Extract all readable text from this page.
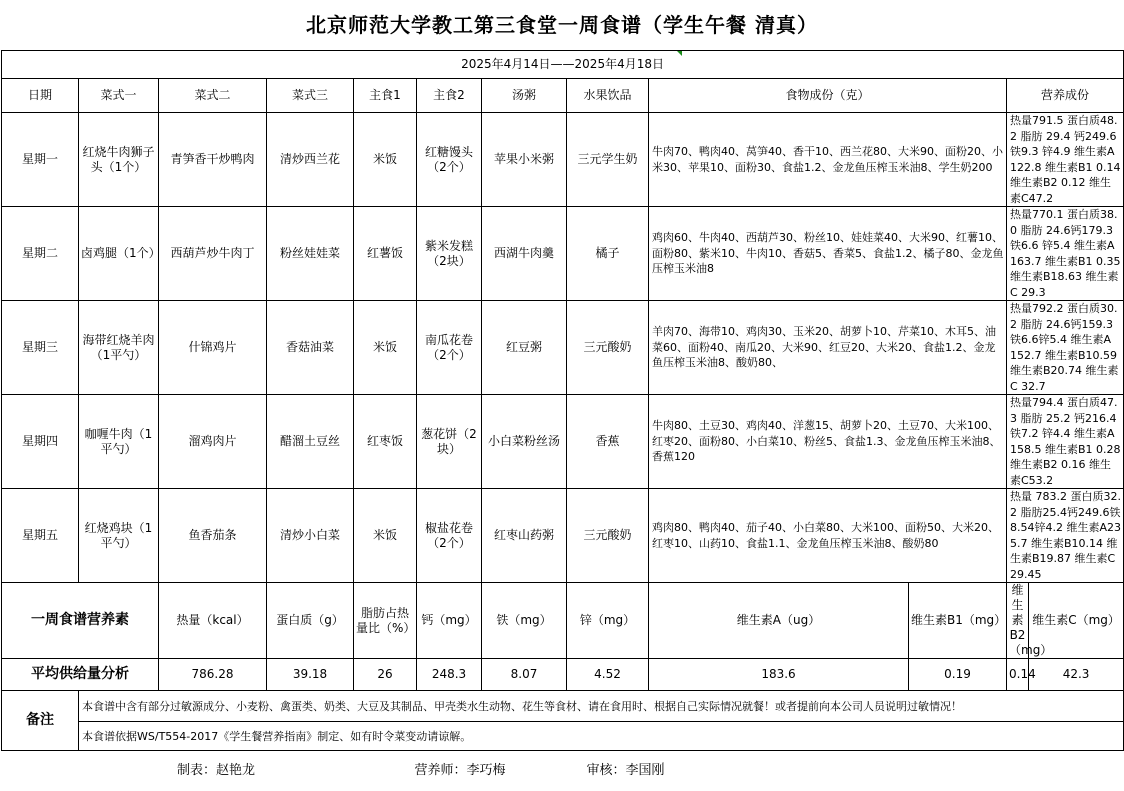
北京师范大学教工第三食堂一周食谱（学生午餐 清真）
2025年4月14日——2025年4月18日											
日期	菜式一	菜式二	菜式三	主食1	主食2	汤粥	水果饮品	食物成份（克）		营养成份	
星期一	红烧牛肉狮子头（1个）	青笋香干炒鸭肉	清炒西兰花	米饭	红糖馒头（2个）	苹果小米粥	三元学生奶	牛肉70、鸭肉40、莴笋40、香干10、西兰花80、大米90、面粉20、小米30、苹果10、面粉30、食盐1.2、金龙鱼压榨玉米油8、学生奶200		热量791.5 蛋白质48.2 脂肪 29.4 钙249.6 铁9.3 锌4.9 维生素A 122.8 维生素B1 0.14 维生素B2 0.12 维生素C47.2	
星期二	卤鸡腿（1个）	西葫芦炒牛肉丁	粉丝娃娃菜	红薯饭	紫米发糕（2块）	西湖牛肉羹	橘子	鸡肉60、牛肉40、西葫芦30、粉丝10、娃娃菜40、大米90、红薯10、面粉80、紫米10、牛肉10、香菇5、香菜5、食盐1.2、橘子80、金龙鱼压榨玉米油8		热量770.1 蛋白质38.0 脂肪 24.6钙179.3 铁6.6 锌5.4 维生素A 163.7 维生素B1 0.35 维生素B18.63 维生素C 29.3	
星期三	海带红烧羊肉（1平勺）	什锦鸡片	香菇油菜	米饭	南瓜花卷（2个）	红豆粥	三元酸奶	羊肉70、海带10、鸡肉30、玉米20、胡萝卜10、芹菜10、木耳5、油菜60、面粉40、南瓜20、大米90、红豆20、大米20、食盐1.2、金龙鱼压榨玉米油8、酸奶80、		热量792.2 蛋白质30.2 脂肪 24.6钙159.3 铁6.6锌5.4 维生素A 152.7 维生素B10.59 维生素B20.74 维生素C 32.7	
星期四	咖喱牛肉（1平勺）	溜鸡肉片	醋溜土豆丝	红枣饭	葱花饼（2块）	小白菜粉丝汤	香蕉	牛肉80、土豆30、鸡肉40、洋葱15、胡萝卜20、土豆70、大米100、红枣20、面粉80、小白菜10、粉丝5、食盐1.3、金龙鱼压榨玉米油8、香蕉120		热量794.4 蛋白质47.3 脂肪 25.2 钙216.4 铁7.2 锌4.4 维生素A 158.5 维生素B1 0.28 维生素B2 0.16 维生素C53.2	
星期五	红烧鸡块（1平勺）	鱼香茄条	清炒小白菜	米饭	椒盐花卷（2个）	红枣山药粥	三元酸奶	鸡肉80、鸭肉40、茄子40、小白菜80、大米100、面粉50、大米20、红枣10、山药10、食盐1.1、金龙鱼压榨玉米油8、酸奶80		热量 783.2 蛋白质32.2 脂肪25.4钙249.6铁8.54锌4.2 维生素A235.7 维生素B10.14 维生素B19.87 维生素C29.45	
一周食谱营养素		热量（kcal）	蛋白质（g）	脂肪占热量比（%）	钙（mg）	铁（mg）	锌（mg）	维生素A（ug）	维生素B1（mg）	维生素B2（mg）	维生素C（mg）
平均供给量分析		786.28	39.18	26	248.3	8.07	4.52	183.6	0.19	0.14	42.3
备注	本食谱中含有部分过敏源成分、小麦粉、禽蛋类、奶类、大豆及其制品、甲壳类水生动物、花生等食材、请在食用时、根据自己实际情况就餐！或者提前向本公司人员说明过敏情况！										
	本食谱依据WS/T554-2017《学生餐营养指南》制定、如有时令菜变动请谅解。										
	制表：赵艳龙			营养师：李巧梅			审核：李国刚				
